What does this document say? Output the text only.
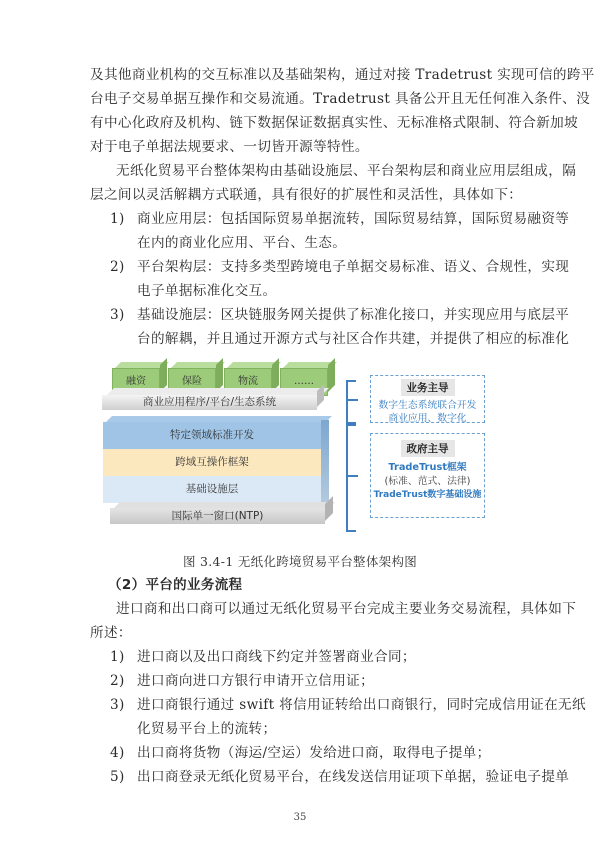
及其他商业机构的交互标准以及基础架构，通过对接 Tradetrust 实现可信的跨平
台电子交易单据互操作和交易流通。Tradetrust 具备公开且无任何准入条件、没
有中心化政府及机构、链下数据保证数据真实性、无标准格式限制、符合新加坡
对于电子单据法规要求、一切皆开源等特性。
无纸化贸易平台整体架构由基础设施层、平台架构层和商业应用层组成，隔
层之间以灵活解耦方式联通，具有很好的扩展性和灵活性，具体如下：
1) 商业应用层：包括国际贸易单据流转，国际贸易结算，国际贸易融资等
在内的商业化应用、平台、生态。
2) 平台架构层：支持多类型跨境电子单据交易标准、语义、合规性，实现
电子单据标准化交互。
3) 基础设施层：区块链服务网关提供了标准化接口，并实现应用与底层平
台的解耦，并且通过开源方式与社区合作共建，并提供了相应的标准化
融资	保险	物流	……
商业应用程序/平台/生态系统
特定领域标准开发
跨域互操作框架
基础设施层
国际单一窗口(NTP)
业务主导
数字生态系统联合开发
商业应用、数字化
政府主导
TradeTrust框架
(标准、范式、法律)
TradeTrust数字基础设施
图 3.4-1 无纸化跨境贸易平台整体架构图
（2）平台的业务流程
进口商和出口商可以通过无纸化贸易平台完成主要业务交易流程，具体如下
所述：
1) 进口商以及出口商线下约定并签署商业合同；
2) 进口商向进口方银行申请开立信用证；
3) 进口商银行通过 swift 将信用证转给出口商银行，同时完成信用证在无纸
化贸易平台上的流转；
4) 出口商将货物（海运/空运）发给进口商，取得电子提单；
5) 出口商登录无纸化贸易平台，在线发送信用证项下单据，验证电子提单
35
